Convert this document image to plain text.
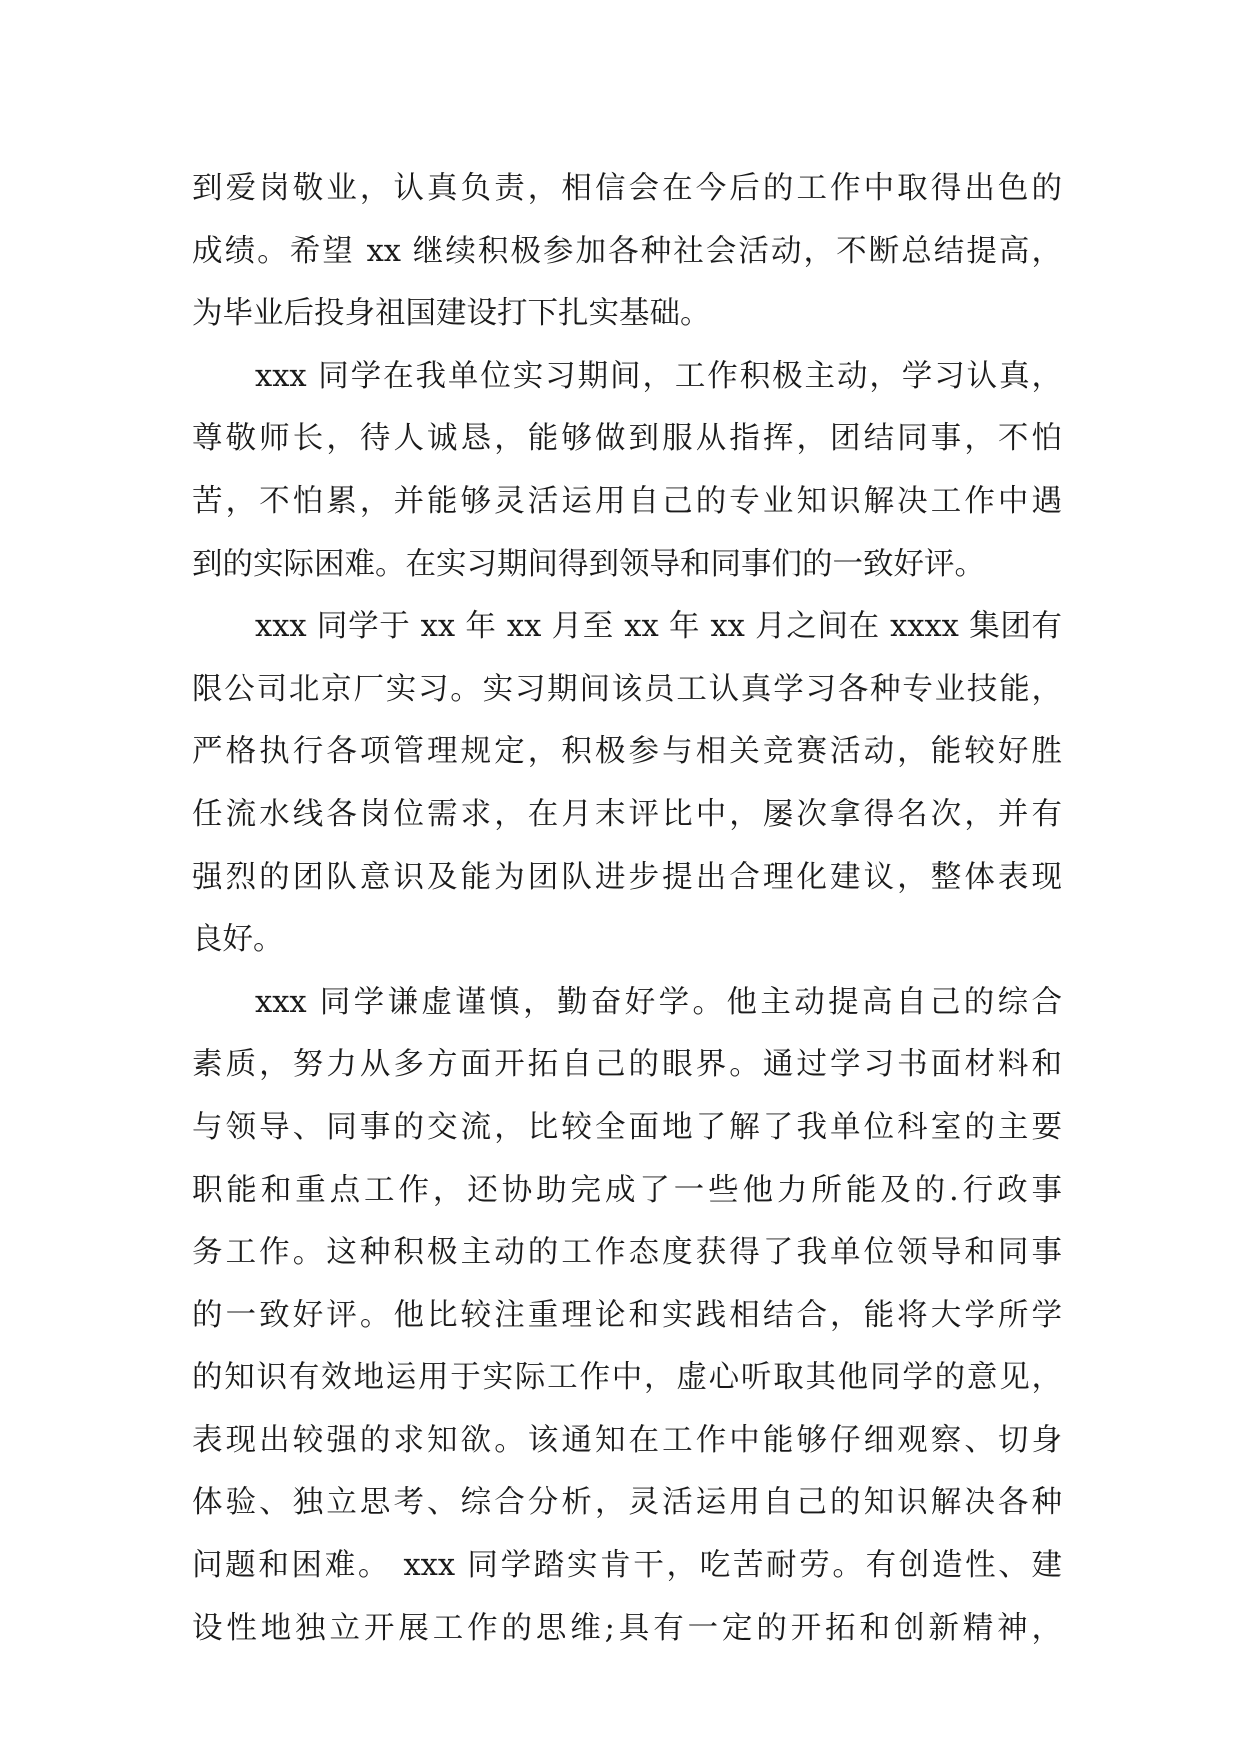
到爱岗敬业，认真负责，相信会在今后的工作中取得出色的
成绩。希望 xx 继续积极参加各种社会活动，不断总结提高，
为毕业后投身祖国建设打下扎实基础。
xxx 同学在我单位实习期间，工作积极主动，学习认真，
尊敬师长，待人诚恳，能够做到服从指挥，团结同事，不怕
苦，不怕累，并能够灵活运用自己的专业知识解决工作中遇
到的实际困难。在实习期间得到领导和同事们的一致好评。
xxx 同学于 xx 年 xx 月至 xx 年 xx 月之间在 xxxx 集团有
限公司北京厂实习。实习期间该员工认真学习各种专业技能，
严格执行各项管理规定，积极参与相关竞赛活动，能较好胜
任流水线各岗位需求，在月末评比中，屡次拿得名次，并有
强烈的团队意识及能为团队进步提出合理化建议，整体表现
良好。
xxx 同学谦虚谨慎，勤奋好学。他主动提高自己的综合
素质，努力从多方面开拓自己的眼界。通过学习书面材料和
与领导、同事的交流，比较全面地了解了我单位科室的主要
职能和重点工作，还协助完成了一些他力所能及的.行政事
务工作。这种积极主动的工作态度获得了我单位领导和同事
的一致好评。他比较注重理论和实践相结合，能将大学所学
的知识有效地运用于实际工作中，虚心听取其他同学的意见，
表现出较强的求知欲。该通知在工作中能够仔细观察、切身
体验、独立思考、综合分析，灵活运用自己的知识解决各种
问题和困难。 xxx 同学踏实肯干，吃苦耐劳。有创造性、建
设性地独立开展工作的思维;具有一定的开拓和创新精神，
